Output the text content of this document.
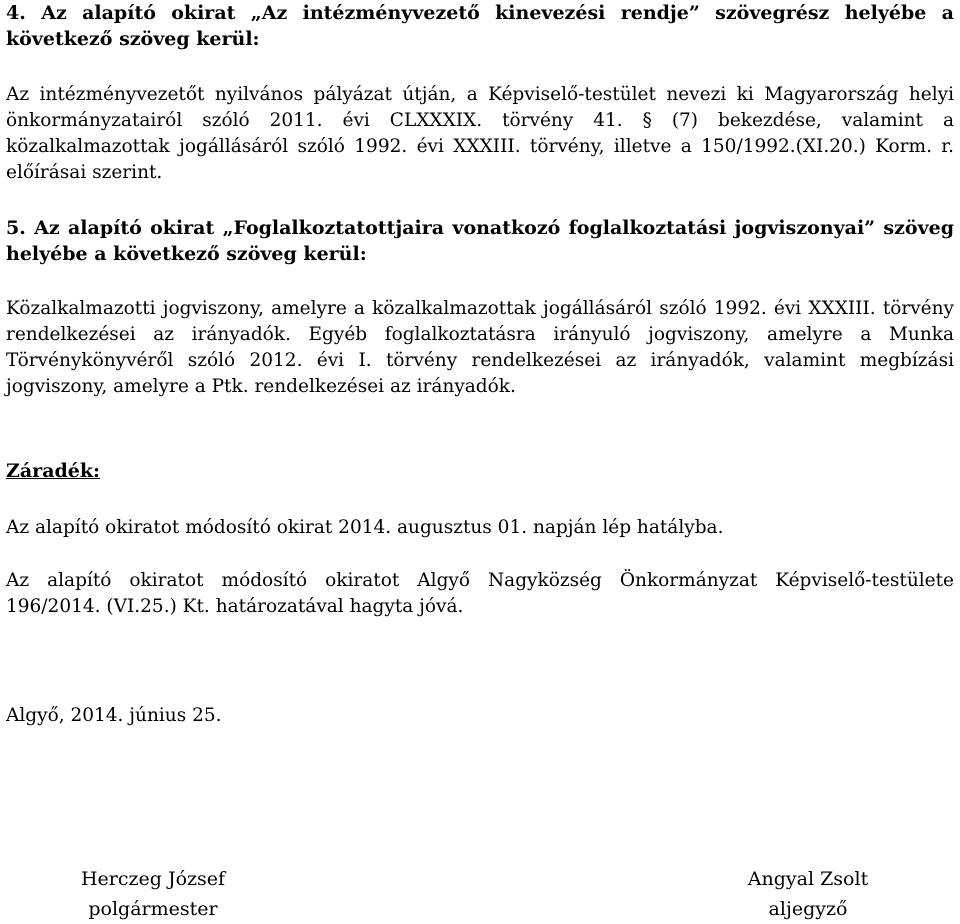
4. Az alapító okirat „Az intézményvezető kinevezési rendje” szövegrész helyébe a következő szöveg kerül:
Az intézményvezetőt nyilvános pályázat útján, a Képviselő-testület nevezi ki Magyarország helyi önkormányzatairól szóló 2011. évi CLXXXIX. törvény 41. § (7) bekezdése, valamint a közalkalmazottak jogállásáról szóló 1992. évi XXXIII. törvény, illetve a 150/1992.(XI.20.) Korm. r. előírásai szerint.
5. Az alapító okirat „Foglalkoztatottjaira vonatkozó foglalkoztatási jogviszonyai” szöveg helyébe a következő szöveg kerül:
Közalkalmazotti jogviszony, amelyre a közalkalmazottak jogállásáról szóló 1992. évi XXXIII. törvény rendelkezései az irányadók. Egyéb foglalkoztatásra irányuló jogviszony, amelyre a Munka Törvénykönyvéről szóló 2012. évi I. törvény rendelkezései az irányadók, valamint megbízási jogviszony, amelyre a Ptk. rendelkezései az irányadók.
Záradék:
Az alapító okiratot módosító okirat 2014. augusztus 01. napján lép hatályba.
Az alapító okiratot módosító okiratot Algyő Nagyközség Önkormányzat Képviselő-testülete 196/2014. (VI.25.) Kt. határozatával hagyta jóvá.
Algyő, 2014. június 25.
Herczeg József
polgármester
Angyal Zsolt
aljegyző
